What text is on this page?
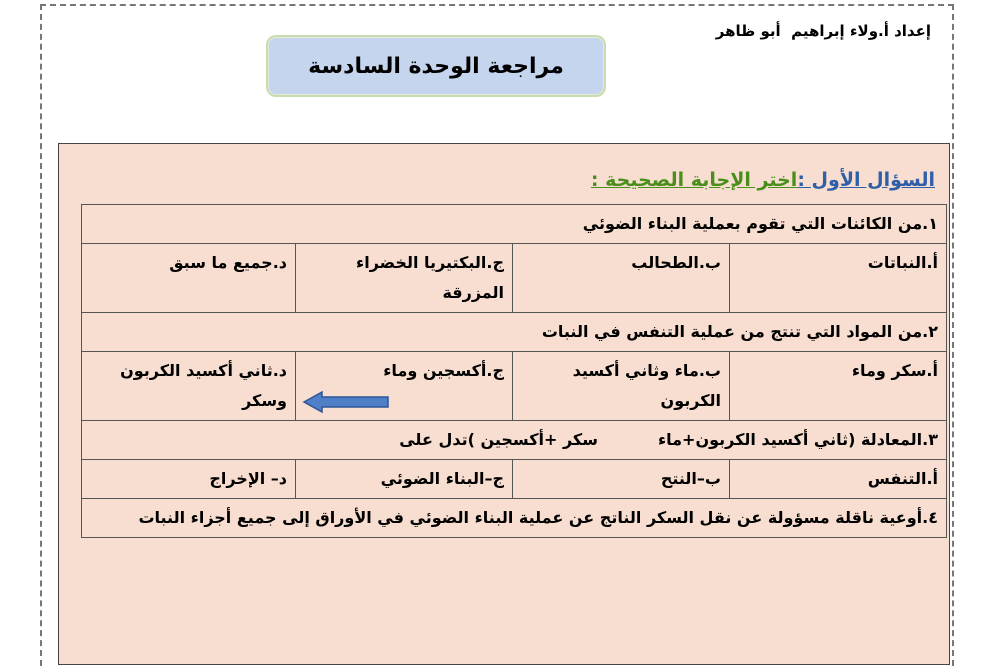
إعداد أ.ولاء إبراهيم  أبو ظاهر
مراجعة الوحدة السادسة
السؤال الأول :اختر الإجابة الصحيحة :
١.من الكائنات التي تقوم بعملية البناء الضوئي			
أ.النباتات	ب.الطحالب	ج.البكتيريا الخضراء المزرقة	د.جميع ما سبق
٢.من المواد التي تنتج من عملية التنفس في النبات			
أ.سكر وماء	ب.ماء وثاني أكسيد الكربون	ج.أكسجين وماء	د.ثاني أكسيد الكربون وسكر
٣.المعادلة (ثاني أكسيد الكربون+ماءسكر +أكسجين )تدل على			
أ.التنفس	ب–النتح	ج–البناء الضوئي	د– الإخراج
٤.أوعية ناقلة مسؤولة عن نقل السكر الناتج عن عملية البناء الضوئي في الأوراق إلى جميع أجزاء النبات			
